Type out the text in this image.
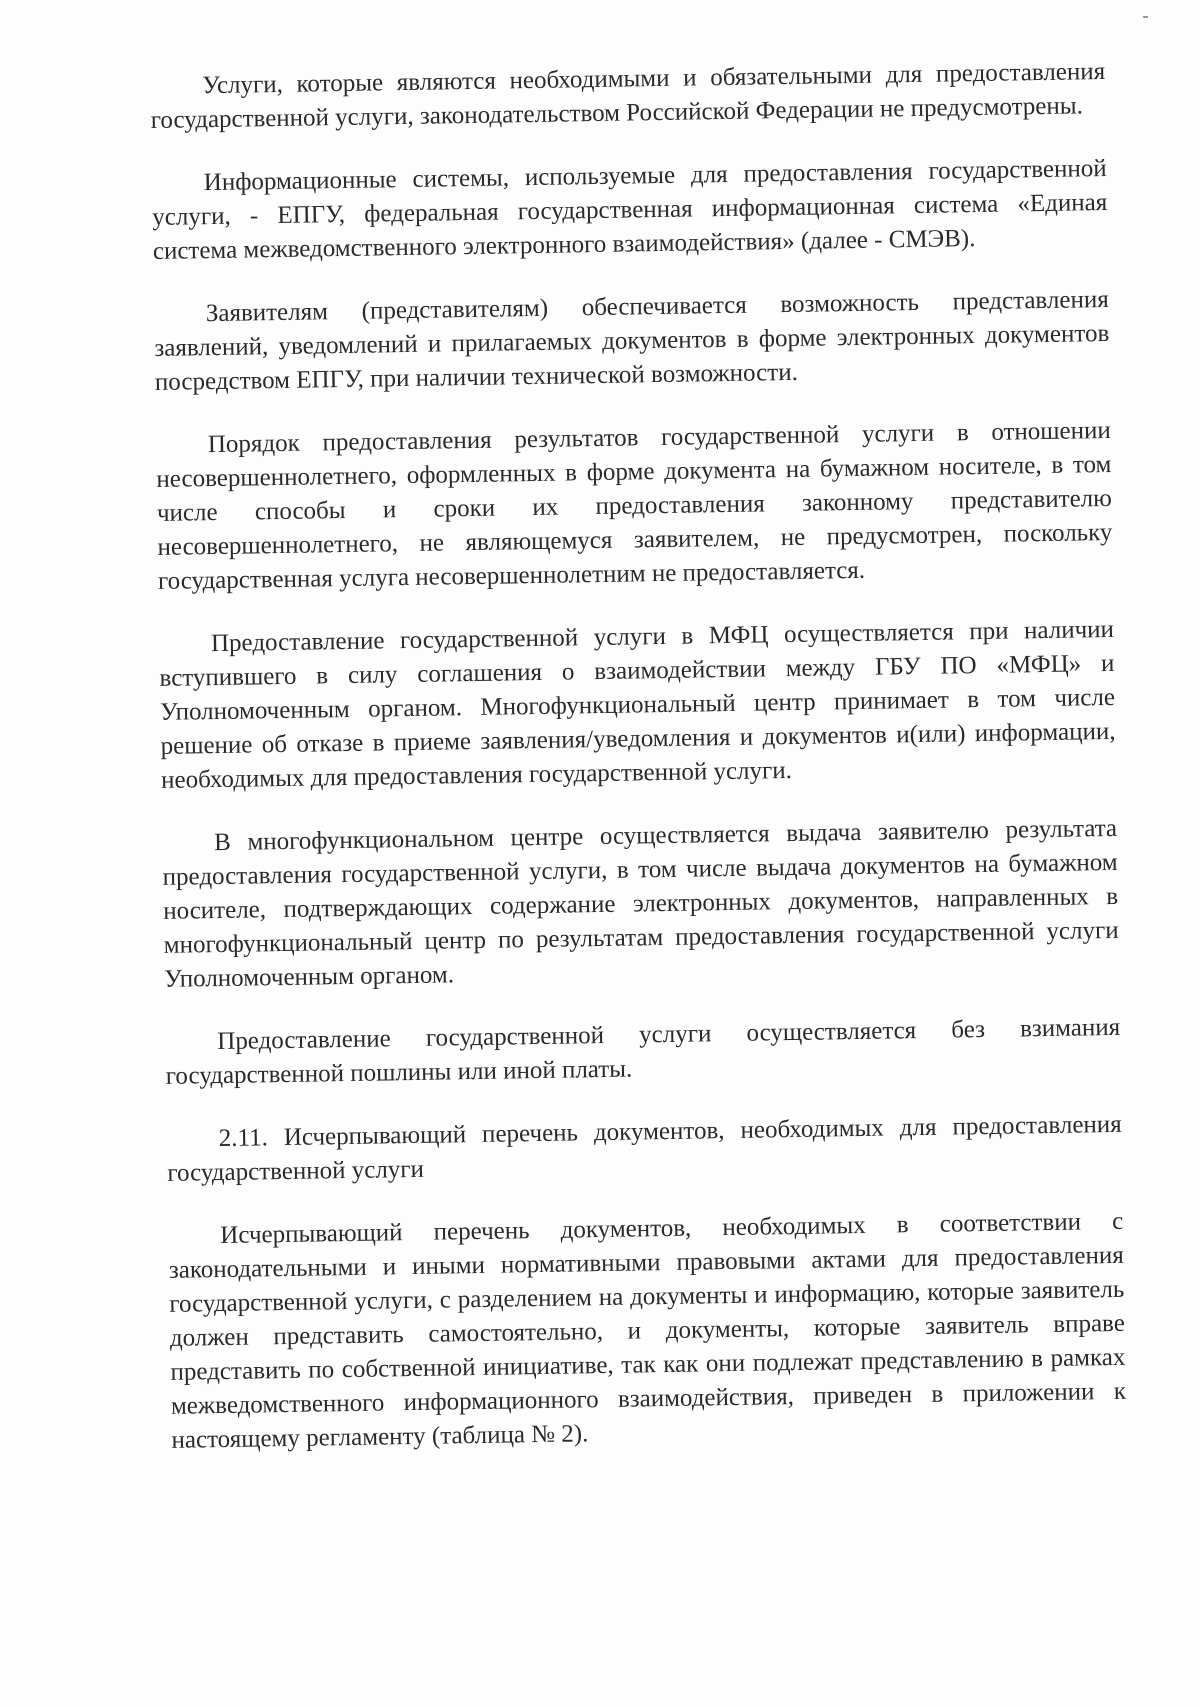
Услуги, которые являются необходимыми и обязательными для предоставления государственной услуги, законодательством Российской Федерации не предусмотрены.

Информационные системы, используемые для предоставления государственной услуги, - ЕПГУ, федеральная государственная информационная система «Единая система межведомственного электронного взаимодействия» (далее - СМЭВ).

Заявителям (представителям) обеспечивается возможность представления заявлений, уведомлений и прилагаемых документов в форме электронных документов посредством ЕПГУ, при наличии технической возможности.

Порядок предоставления результатов государственной услуги в отношении несовершеннолетнего, оформленных в форме документа на бумажном носителе, в том числе способы и сроки их предоставления законному представителю несовершеннолетнего, не являющемуся заявителем, не предусмотрен, поскольку государственная услуга несовершеннолетним не предоставляется.

Предоставление государственной услуги в МФЦ осуществляется при наличии вступившего в силу соглашения о взаимодействии между ГБУ ПО «МФЦ» и Уполномоченным органом. Многофункциональный центр принимает в том числе решение об отказе в приеме заявления/уведомления и документов и(или) информации, необходимых для предоставления государственной услуги.

В многофункциональном центре осуществляется выдача заявителю результата предоставления государственной услуги, в том числе выдача документов на бумажном носителе, подтверждающих содержание электронных документов, направленных в многофункциональный центр по результатам предоставления государственной услуги Уполномоченным органом.

Предоставление государственной услуги осуществляется без взимания государственной пошлины или иной платы.

2.11. Исчерпывающий перечень документов, необходимых для предоставления государственной услуги

Исчерпывающий перечень документов, необходимых в соответствии с законодательными и иными нормативными правовыми актами для предоставления государственной услуги, с разделением на документы и информацию, которые заявитель должен представить самостоятельно, и документы, которые заявитель вправе представить по собственной инициативе, так как они подлежат представлению в рамках межведомственного информационного взаимодействия, приведен в приложении к настоящему регламенту (таблица № 2).
